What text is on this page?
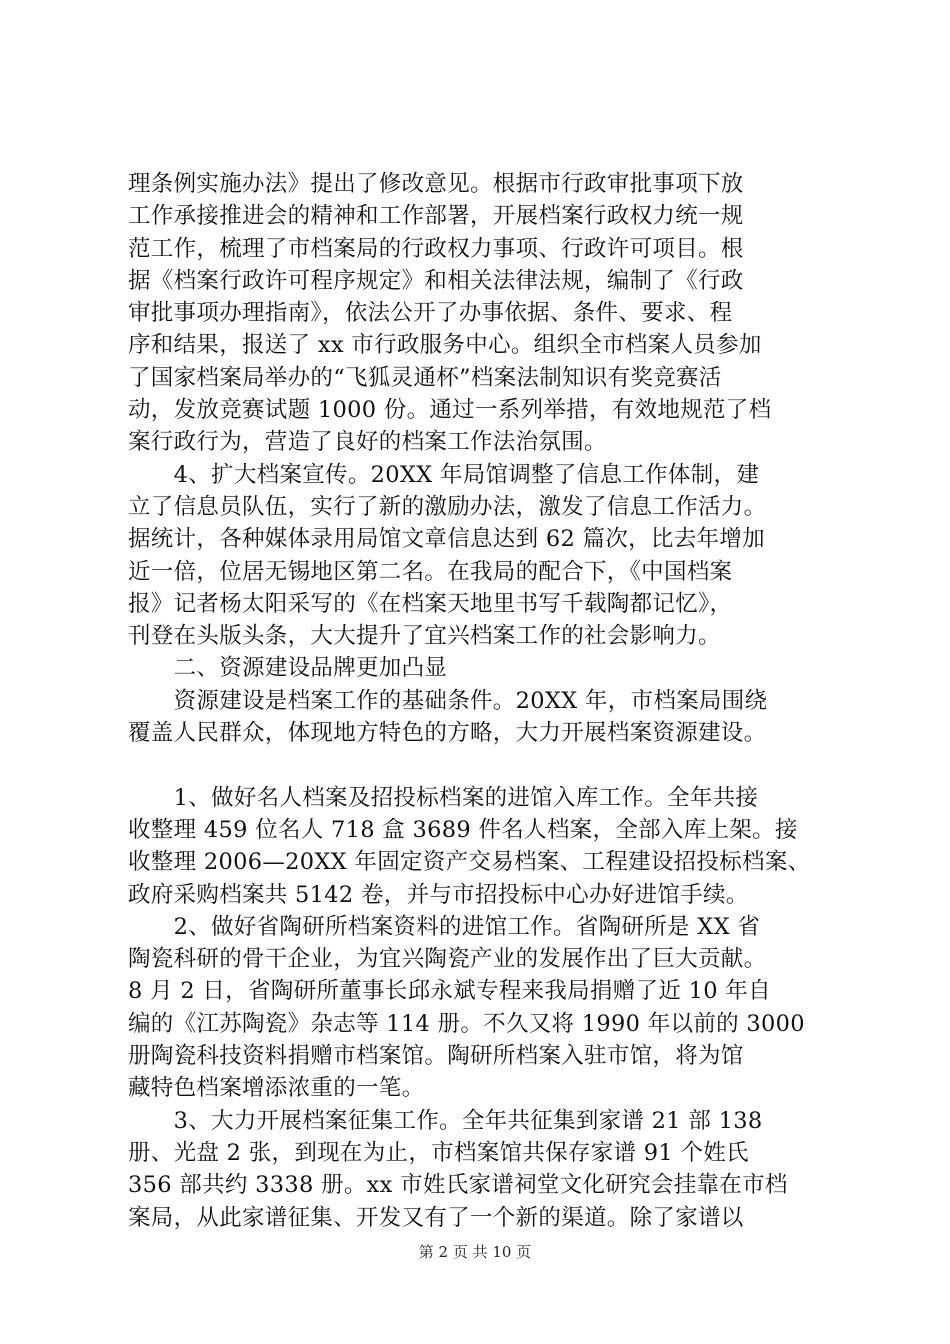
理条例实施办法》提出了修改意见。根据市行政审批事项下放
工作承接推进会的精神和工作部署，开展档案行政权力统一规
范工作，梳理了市档案局的行政权力事项、行政许可项目。根
据《档案行政许可程序规定》和相关法律法规，编制了《行政
审批事项办理指南》，依法公开了办事依据、条件、要求、程
序和结果，报送了 xx 市行政服务中心。组织全市档案人员参加
了国家档案局举办的“飞狐灵通杯”档案法制知识有奖竞赛活
动，发放竞赛试题 1000 份。通过一系列举措，有效地规范了档
案行政行为，营造了良好的档案工作法治氛围。
　　4、扩大档案宣传。20XX 年局馆调整了信息工作体制，建
立了信息员队伍，实行了新的激励办法，激发了信息工作活力。
据统计，各种媒体录用局馆文章信息达到 62 篇次，比去年增加
近一倍，位居无锡地区第二名。在我局的配合下，《中国档案
报》记者杨太阳采写的《在档案天地里书写千载陶都记忆》，
刊登在头版头条，大大提升了宜兴档案工作的社会影响力。
　　二、资源建设品牌更加凸显
　　资源建设是档案工作的基础条件。20XX 年，市档案局围绕
覆盖人民群众，体现地方特色的方略，大力开展档案资源建设。
　　1、做好名人档案及招投标档案的进馆入库工作。全年共接
收整理 459 位名人 718 盒 3689 件名人档案，全部入库上架。接
收整理 2006—20XX 年固定资产交易档案、工程建设招投标档案、
政府采购档案共 5142 卷，并与市招投标中心办好进馆手续。
　　2、做好省陶研所档案资料的进馆工作。省陶研所是 XX 省
陶瓷科研的骨干企业，为宜兴陶瓷产业的发展作出了巨大贡献。
8 月 2 日，省陶研所董事长邱永斌专程来我局捐赠了近 10 年自
编的《江苏陶瓷》杂志等 114 册。不久又将 1990 年以前的 3000
册陶瓷科技资料捐赠市档案馆。陶研所档案入驻市馆，将为馆
藏特色档案增添浓重的一笔。
　　3、大力开展档案征集工作。全年共征集到家谱 21 部 138
册、光盘 2 张，到现在为止，市档案馆共保存家谱 91 个姓氏
356 部共约 3338 册。xx 市姓氏家谱祠堂文化研究会挂靠在市档
案局，从此家谱征集、开发又有了一个新的渠道。除了家谱以
第 2 页 共 10 页
